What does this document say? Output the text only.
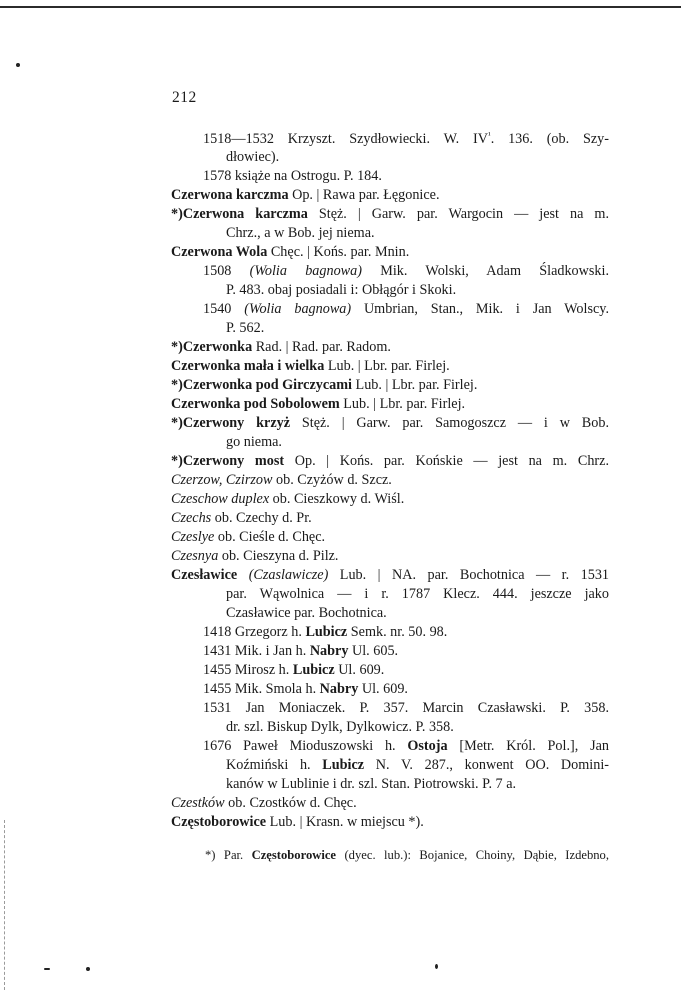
212
1518—1532 Krzyszt. Szydłowiecki. W. $IV^{^1}$. 136. (ob. Szy-
dłowiec).
1578 książe na Ostrogu. P. 184.
Czerwona karczma Op. | Rawa par. Łęgonice.
*)Czerwona karczma Stęż. | Garw. par. Wargocin — jest na m.
Chrz., a w Bob. jej niema.
Czerwona Wola Chęc. | Końs. par. Mnin.
1508 (Wolia bagnowa) Mik. Wolski, Adam Śladkowski.
P. 483. obaj posiadali i: Obłągór i Skoki.
1540 (Wolia bagnowa) Umbrian, Stan., Mik. i Jan Wolscy.
P. 562.
*)Czerwonka Rad. | Rad. par. Radom.
Czerwonka mała i wielka Lub. | Lbr. par. Firlej.
*)Czerwonka pod Girczycami Lub. | Lbr. par. Firlej.
Czerwonka pod Sobolowem Lub. | Lbr. par. Firlej.
*)Czerwony krzyż Stęż. | Garw. par. Samogoszcz — i w Bob.
go niema.
*)Czerwony most Op. | Końs. par. Końskie — jest na m. Chrz.
Czerzow, Czirzow ob. Czyżów d. Szcz.
Czeschow duplex ob. Cieszkowy d. Wiśl.
Czechs ob. Czechy d. Pr.
Czeslye ob. Cieśle d. Chęc.
Czesnya ob. Cieszyna d. Pilz.
Czesławice (Czaslawicze) Lub. | NA. par. Bochotnica — r. 1531
par. Wąwolnica — i r. 1787 Klecz. 444. jeszcze jako
Czasławice par. Bochotnica.
1418 Grzegorz h. Lubicz Semk. nr. 50. 98.
1431 Mik. i Jan h. Nabry Ul. 605.
1455 Mirosz h. Lubicz Ul. 609.
1455 Mik. Smola h. Nabry Ul. 609.
1531 Jan Moniaczek. P. 357. Marcin Czasławski. P. 358.
dr. szl. Biskup Dylk, Dylkowicz. P. 358.
1676 Paweł Mioduszowski h. Ostoja [Metr. Król. Pol.], Jan
Koźmiński h. Lubicz N. V. 287., konwent OO. Domini-
kanów w Lublinie i dr. szl. Stan. Piotrowski. P. 7 a.
Czestków ob. Czostków d. Chęc.
Częstoborowice Lub. | Krasn. w miejscu *).
*) Par. Częstoborowice (dyec. lub.): Bojanice, Choiny, Dąbie, Izdebno,
